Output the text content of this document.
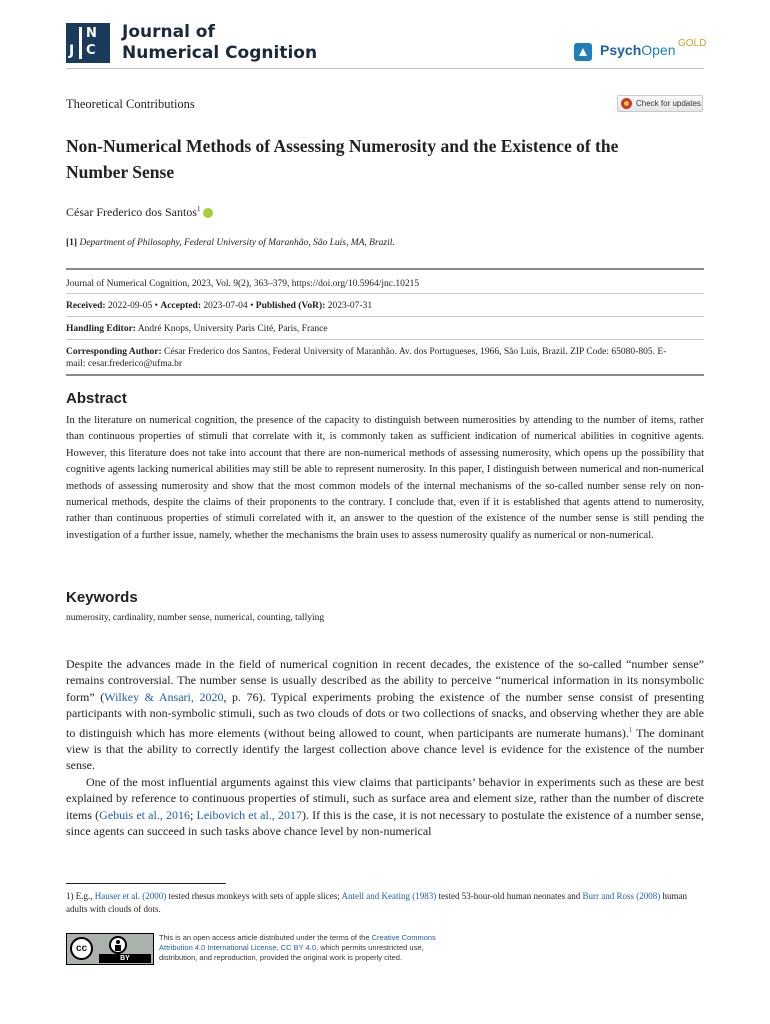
J
N
C
Journal of
Numerical Cognition	PsychOpen GOLD
Theoretical Contributions	Check for updates
Non-Numerical Methods of Assessing Numerosity and the Existence of the
Number Sense
César Frederico dos Santos$^1$
[1] Department of Philosophy, Federal University of Maranhão, São Luís, MA, Brazil.
Journal of Numerical Cognition, 2023, Vol. 9(2), 363–379, https://doi.org/10.5964/jnc.10215
Received: 2022-09-05 • Accepted: 2023-07-04 • Published (VoR): 2023-07-31
Handling Editor: André Knops, University Paris Cité, Paris, France
Corresponding Author: César Frederico dos Santos, Federal University of Maranhão. Av. dos Portugueses, 1966, São Luís, Brazil. ZIP Code: 65080-805. E-
mail: cesar.frederico@ufma.br
Abstract
In the literature on numerical cognition, the presence of the capacity to distinguish between numerosities by attending to the number of items, rather than continuous properties of stimuli that correlate with it, is commonly taken as sufficient indication of numerical abilities in cognitive agents. However, this literature does not take into account that there are non-numerical methods of assessing numerosity, which opens up the possibility that cognitive agents lacking numerical abilities may still be able to represent numerosity. In this paper, I distinguish between numerical and non-numerical methods of assessing numerosity and show that the most common models of the internal mechanisms of the so-called number sense rely on non-numerical methods, despite the claims of their proponents to the contrary. I conclude that, even if it is established that agents attend to numerosity, rather than continuous properties of stimuli correlated with it, an answer to the question of the existence of the number sense is still pending the investigation of a further issue, namely, whether the mechanisms the brain uses to assess numerosity qualify as numerical or non-numerical.
Keywords
numerosity, cardinality, number sense, numerical, counting, tallying

Despite the advances made in the field of numerical cognition in recent decades, the existence of the so-called “number sense” remains controversial. The number sense is usually described as the ability to perceive “numerical information in its nonsymbolic form” (Wilkey & Ansari, 2020, p. 76). Typical experiments probing the existence of the number sense consist of presenting participants with non-symbolic stimuli, such as two clouds of dots or two collections of snacks, and observing whether they are able to distinguish which has more elements (without being allowed to count, when participants are numerate humans).$^1$ The dominant view is that the ability to correctly identify the largest collection above chance level is evidence for the existence of the number sense.

One of the most influential arguments against this view claims that participants’ behavior in experiments such as these are best explained by reference to continuous properties of stimuli, such as surface area and element size, rather than the number of discrete items (Gebuis et al., 2016; Leibovich et al., 2017). If this is the case, it is not necessary to postulate the existence of a number sense, since agents can succeed in such tasks above chance level by non-numerical

1) E.g., Hauser et al. (2000) tested rhesus monkeys with sets of apple slices; Antell and Keating (1983) tested 53-hour-old human neonates and Burr and Ross (2008) human adults with clouds of dots.
cc
BY
This is an open access article distributed under the terms of the Creative Commons Attribution 4.0 International License, CC BY 4.0, which permits unrestricted use, distribution, and reproduction, provided the original work is properly cited.
